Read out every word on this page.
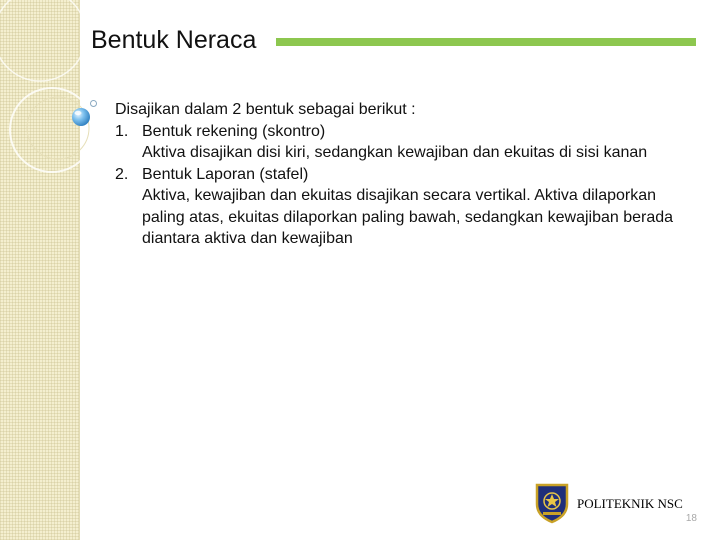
Bentuk Neraca
Disajikan dalam 2 bentuk sebagai berikut :
1. Bentuk rekening (skontro)
Aktiva disajikan disi kiri, sedangkan kewajiban dan ekuitas di sisi kanan
2. Bentuk Laporan (stafel)
Aktiva, kewajiban dan ekuitas disajikan secara vertikal. Aktiva dilaporkan paling atas, ekuitas dilaporkan paling bawah, sedangkan kewajiban berada diantara aktiva dan kewajiban
POLITEKNIK NSC
18
